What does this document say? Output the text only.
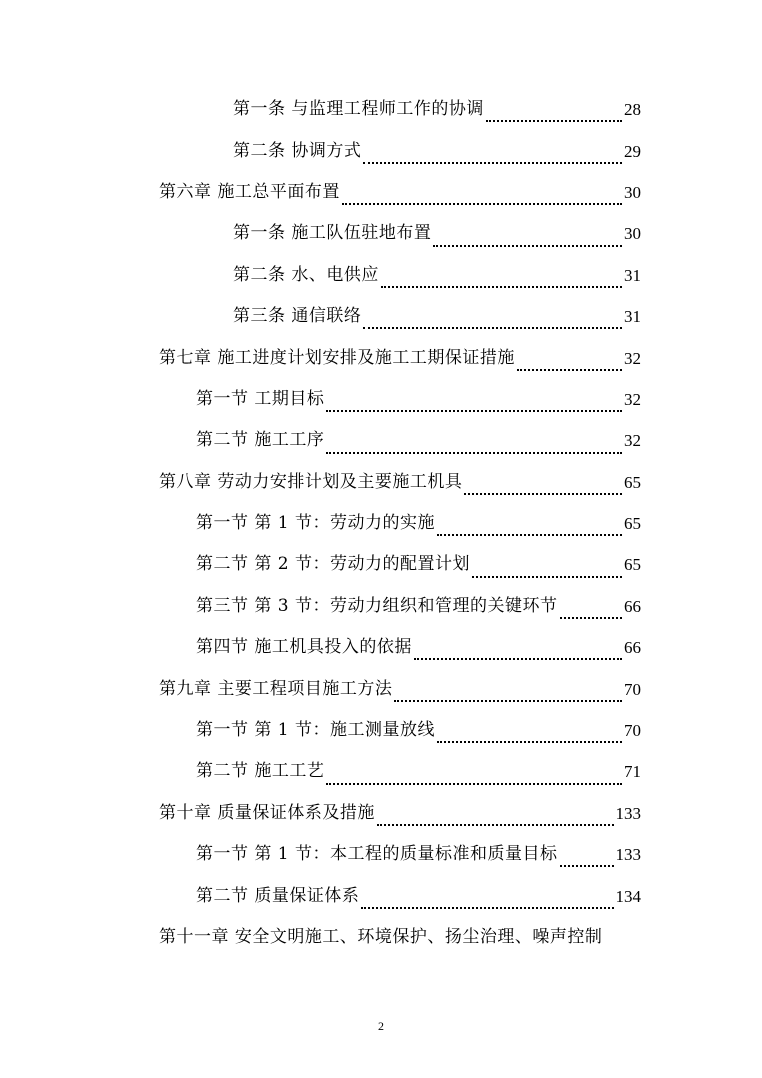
第一条 与监理工程师工作的协调	28
第二条 协调方式	29
第六章 施工总平面布置	30
第一条 施工队伍驻地布置	30
第二条 水、电供应	31
第三条 通信联络	31
第七章 施工进度计划安排及施工工期保证措施	32
第一节 工期目标	32
第二节 施工工序	32
第八章 劳动力安排计划及主要施工机具	65
第一节 第 1 节：劳动力的实施	65
第二节 第 2 节：劳动力的配置计划	65
第三节 第 3 节：劳动力组织和管理的关键环节	66
第四节 施工机具投入的依据	66
第九章 主要工程项目施工方法	70
第一节 第 1 节：施工测量放线	70
第二节 施工工艺	71
第十章 质量保证体系及措施	133
第一节 第 1 节：本工程的质量标准和质量目标	133
第二节 质量保证体系	134
第十一章 安全文明施工、环境保护、扬尘治理、噪声控制
2
